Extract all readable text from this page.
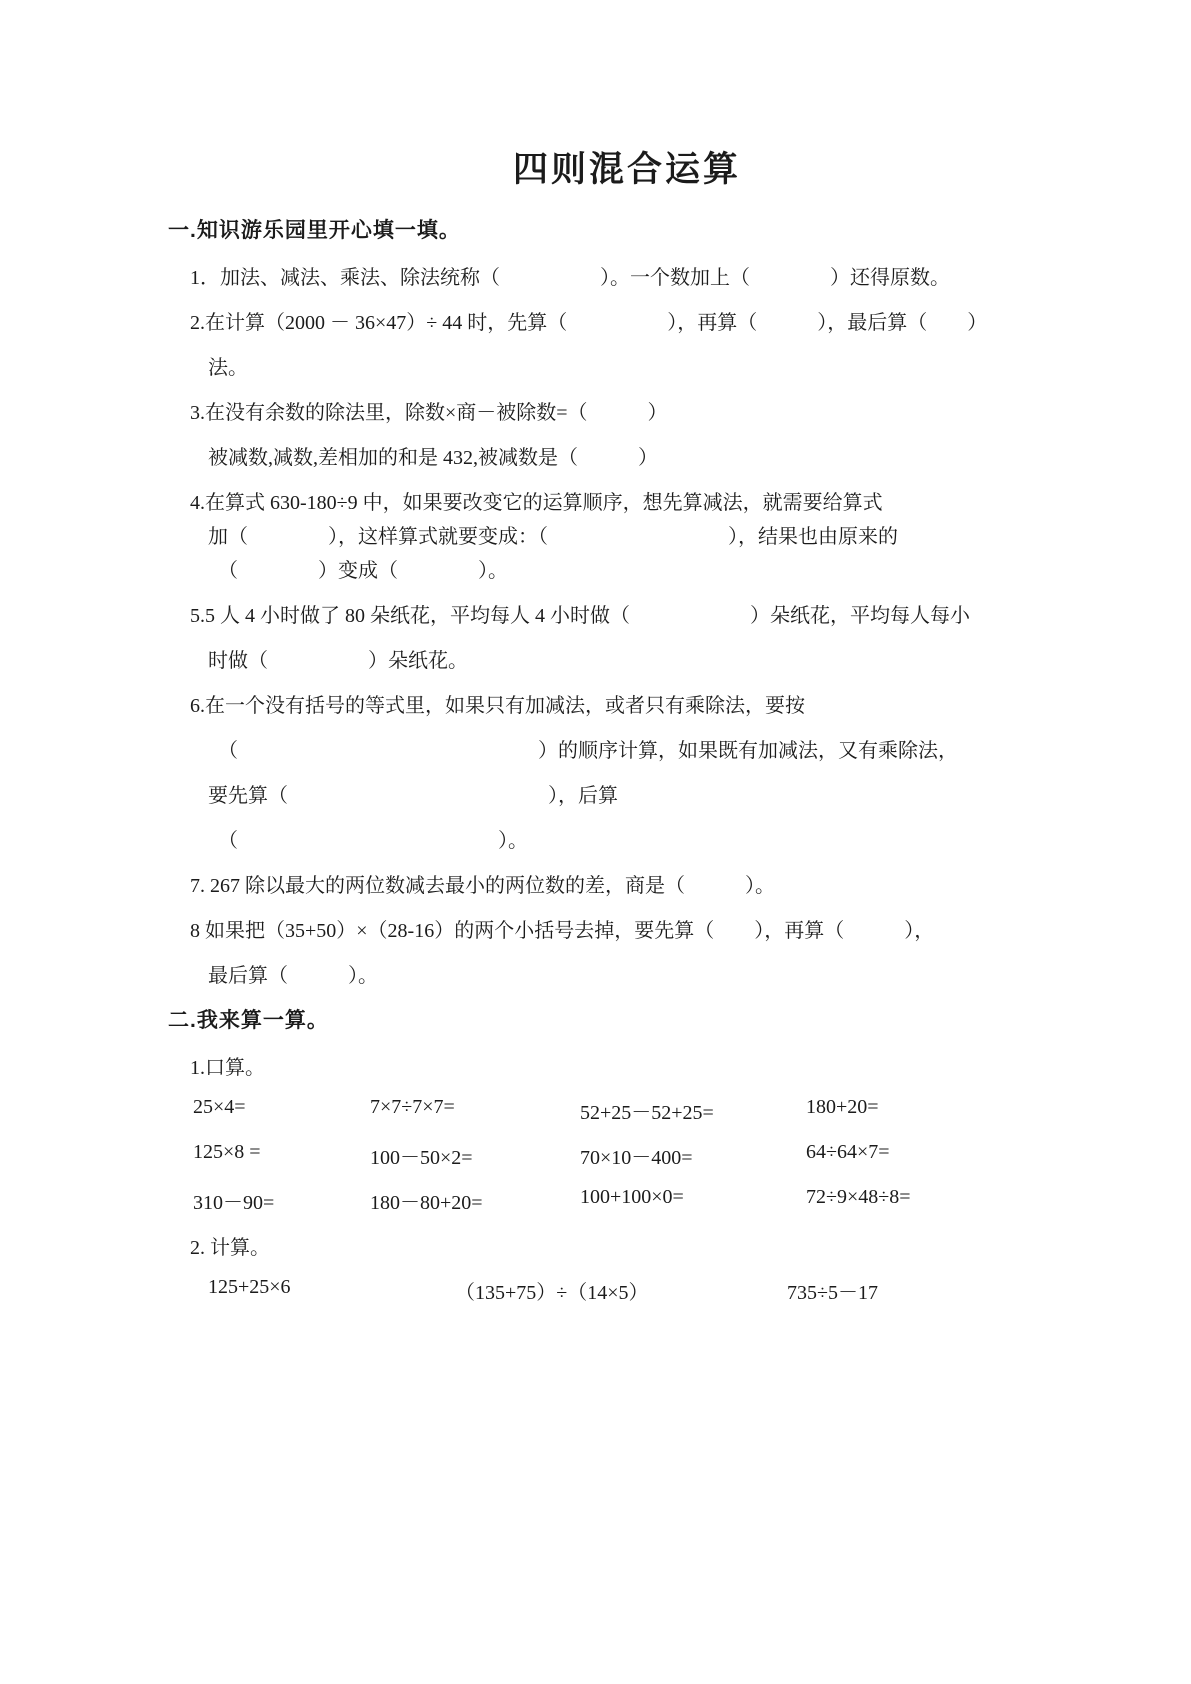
四则混合运算
一.知识游乐园里开心填一填。
1．加法、减法、乘法、除法统称（　　　　　）。一个数加上（　　　　）还得原数。
2.在计算（2000 － 36×47）÷ 44 时，先算（　　　　　），再算（　　　），最后算（　　）
法。
3.在没有余数的除法里，除数×商－被除数=（　　　）
被减数,减数,差相加的和是 432,被减数是（　　　）
4.在算式 630-180÷9 中，如果要改变它的运算顺序，想先算减法，就需要给算式
加（　　　　），这样算式就要变成：（　　　　　　　　　），结果也由原来的
（　　　　）变成（　　　　）。
5.5 人 4 小时做了 80 朵纸花，平均每人 4 小时做（　　　　　　）朵纸花，平均每人每小
时做（　　　　　）朵纸花。
6.在一个没有括号的等式里，如果只有加减法，或者只有乘除法，要按
（　　　　　　　　　　　　　　　）的顺序计算，如果既有加减法，又有乘除法，
要先算（　　　　　　　　　　　　　），后算
（　　　　　　　　　　　　　）。
7. 267 除以最大的两位数减去最小的两位数的差，商是（　　　）。
8 如果把（35+50）×（28-16）的两个小括号去掉，要先算（　　），再算（　　　），
最后算（　　　）。
二.我来算一算。
1.口算。
25×4=	7×7÷7×7=	52+25－52+25=	180+20=
125×8 =	100－50×2=	70×10－400=	64÷64×7=
310－90=	180－80+20=	100+100×0=	72÷9×48÷8=
2. 计算。
125+25×6	（135+75）÷（14×5）	735÷5－17
